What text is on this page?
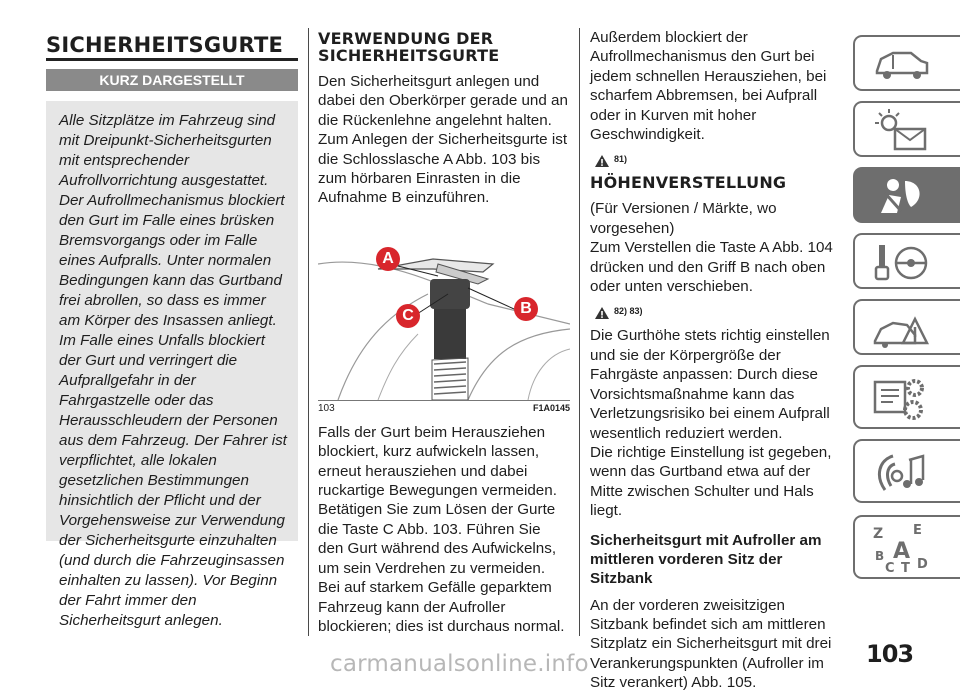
SICHERHEITSGURTE
KURZ DARGESTELLT
Alle Sitzplätze im Fahrzeug sind mit Dreipunkt-Sicherheitsgurten mit entsprechender Aufrollvorrichtung ausgestattet. Der Aufrollmechanismus blockiert den Gurt im Falle eines brüsken Bremsvorgangs oder im Falle eines Aufpralls. Unter normalen Bedingungen kann das Gurtband frei abrollen, so dass es immer am Körper des Insassen anliegt. Im Falle eines Unfalls blockiert der Gurt und verringert die Aufprallgefahr in der Fahrgastzelle oder das Herausschleudern der Personen aus dem Fahrzeug. Der Fahrer ist verpflichtet, alle lokalen gesetzlichen Bestimmungen hinsichtlich der Pflicht und der Vorgehensweise zur Verwendung der Sicherheitsgurte einzuhalten (und durch die Fahrzeuginsassen einhalten zu lassen). Vor Beginn der Fahrt immer den Sicherheitsgurt anlegen.
VERWENDUNG DER
SICHERHEITSGURTE

Den Sicherheitsgurt anlegen und dabei den Oberkörper gerade und an die Rückenlehne angelehnt halten.

Zum Anlegen der Sicherheitsgurte ist die Schlosslasche A Abb. 103 bis zum hörbaren Einrasten in die Aufnahme B einzuführen.

A
C	B
103	F1A0145

Falls der Gurt beim Herausziehen blockiert, kurz aufwickeln lassen, erneut herausziehen und dabei ruckartige Bewegungen vermeiden.

Betätigen Sie zum Lösen der Gurte die Taste C Abb. 103. Führen Sie den Gurt während des Aufwickelns, um sein Verdrehen zu vermeiden.

Bei auf starkem Gefälle geparktem Fahrzeug kann der Aufroller blockieren; dies ist durchaus normal.

Außerdem blockiert der Aufrollmechanismus den Gurt bei jedem schnellen Herausziehen, bei scharfem Abbremsen, bei Aufprall oder in Kurven mit hoher Geschwindigkeit.

81)
HÖHENVERSTELLUNG

(Für Versionen / Märkte, wo vorgesehen)

Zum Verstellen die Taste A Abb. 104 drücken und den Griff B nach oben oder unten verschieben.

82) 83)

Die Gurthöhe stets richtig einstellen und sie der Körpergröße der Fahrgäste anpassen: Durch diese Vorsichtsmaßnahme kann das Verletzungsrisiko bei einem Aufprall wesentlich reduziert werden.

Die richtige Einstellung ist gegeben, wenn das Gurtband etwa auf der Mitte zwischen Schulter und Hals liegt.

Sicherheitsgurt mit Aufroller am mittleren vorderen Sitz der Sitzbank

An der vorderen zweisitzigen Sitzbank befindet sich am mittleren Sitzplatz ein Sicherheitsgurt mit drei Verankerungspunkten (Aufroller im Sitz verankert) Abb. 105.

Z E
B A
C T D
103
carmanualsonline.info
